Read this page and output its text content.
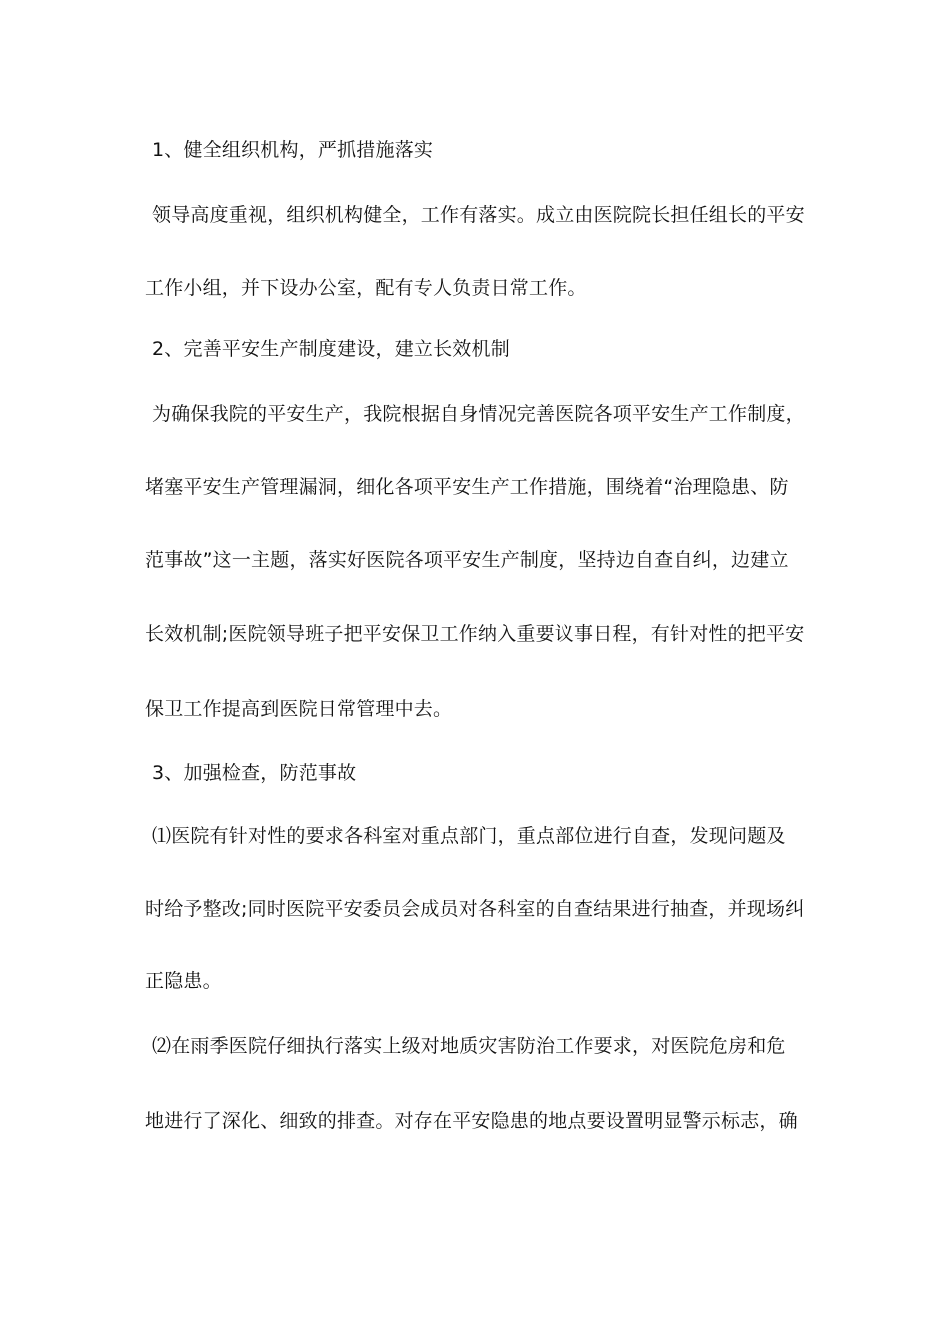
1、健全组织机构，严抓措施落实
领导高度重视，组织机构健全，工作有落实。成立由医院院长担任组长的平安
工作小组，并下设办公室，配有专人负责日常工作。
2、完善平安生产制度建设，建立长效机制
为确保我院的平安生产，我院根据自身情况完善医院各项平安生产工作制度，
堵塞平安生产管理漏洞，细化各项平安生产工作措施，围绕着“治理隐患、防
范事故”这一主题，落实好医院各项平安生产制度，坚持边自查自纠，边建立
长效机制;医院领导班子把平安保卫工作纳入重要议事日程，有针对性的把平安
保卫工作提高到医院日常管理中去。
3、加强检查，防范事故
⑴医院有针对性的要求各科室对重点部门，重点部位进行自查，发现问题及
时给予整改;同时医院平安委员会成员对各科室的自查结果进行抽查，并现场纠
正隐患。
⑵在雨季医院仔细执行落实上级对地质灾害防治工作要求，对医院危房和危
地进行了深化、细致的排查。对存在平安隐患的地点要设置明显警示标志，确
